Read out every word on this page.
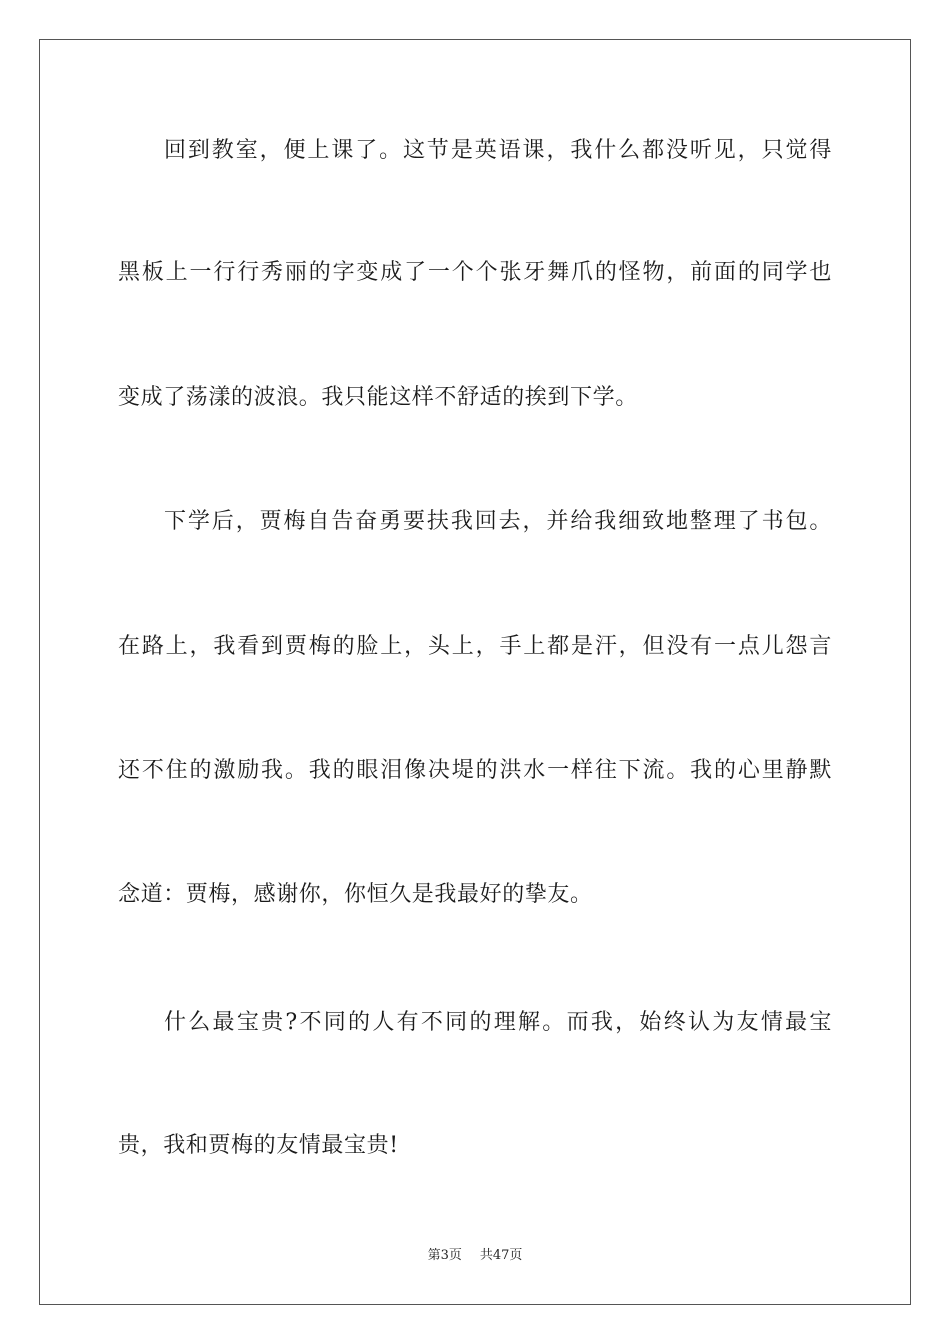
回到教室，便上课了。这节是英语课，我什么都没听见，只觉得
黑板上一行行秀丽的字变成了一个个张牙舞爪的怪物，前面的同学也
变成了荡漾的波浪。我只能这样不舒适的挨到下学。
下学后，贾梅自告奋勇要扶我回去，并给我细致地整理了书包。
在路上，我看到贾梅的脸上，头上，手上都是汗，但没有一点儿怨言
还不住的激励我。我的眼泪像决堤的洪水一样往下流。我的心里静默
念道：贾梅，感谢你，你恒久是我最好的挚友。
什么最宝贵?不同的人有不同的理解。而我，始终认为友情最宝
贵，我和贾梅的友情最宝贵!
第3页 共47页
